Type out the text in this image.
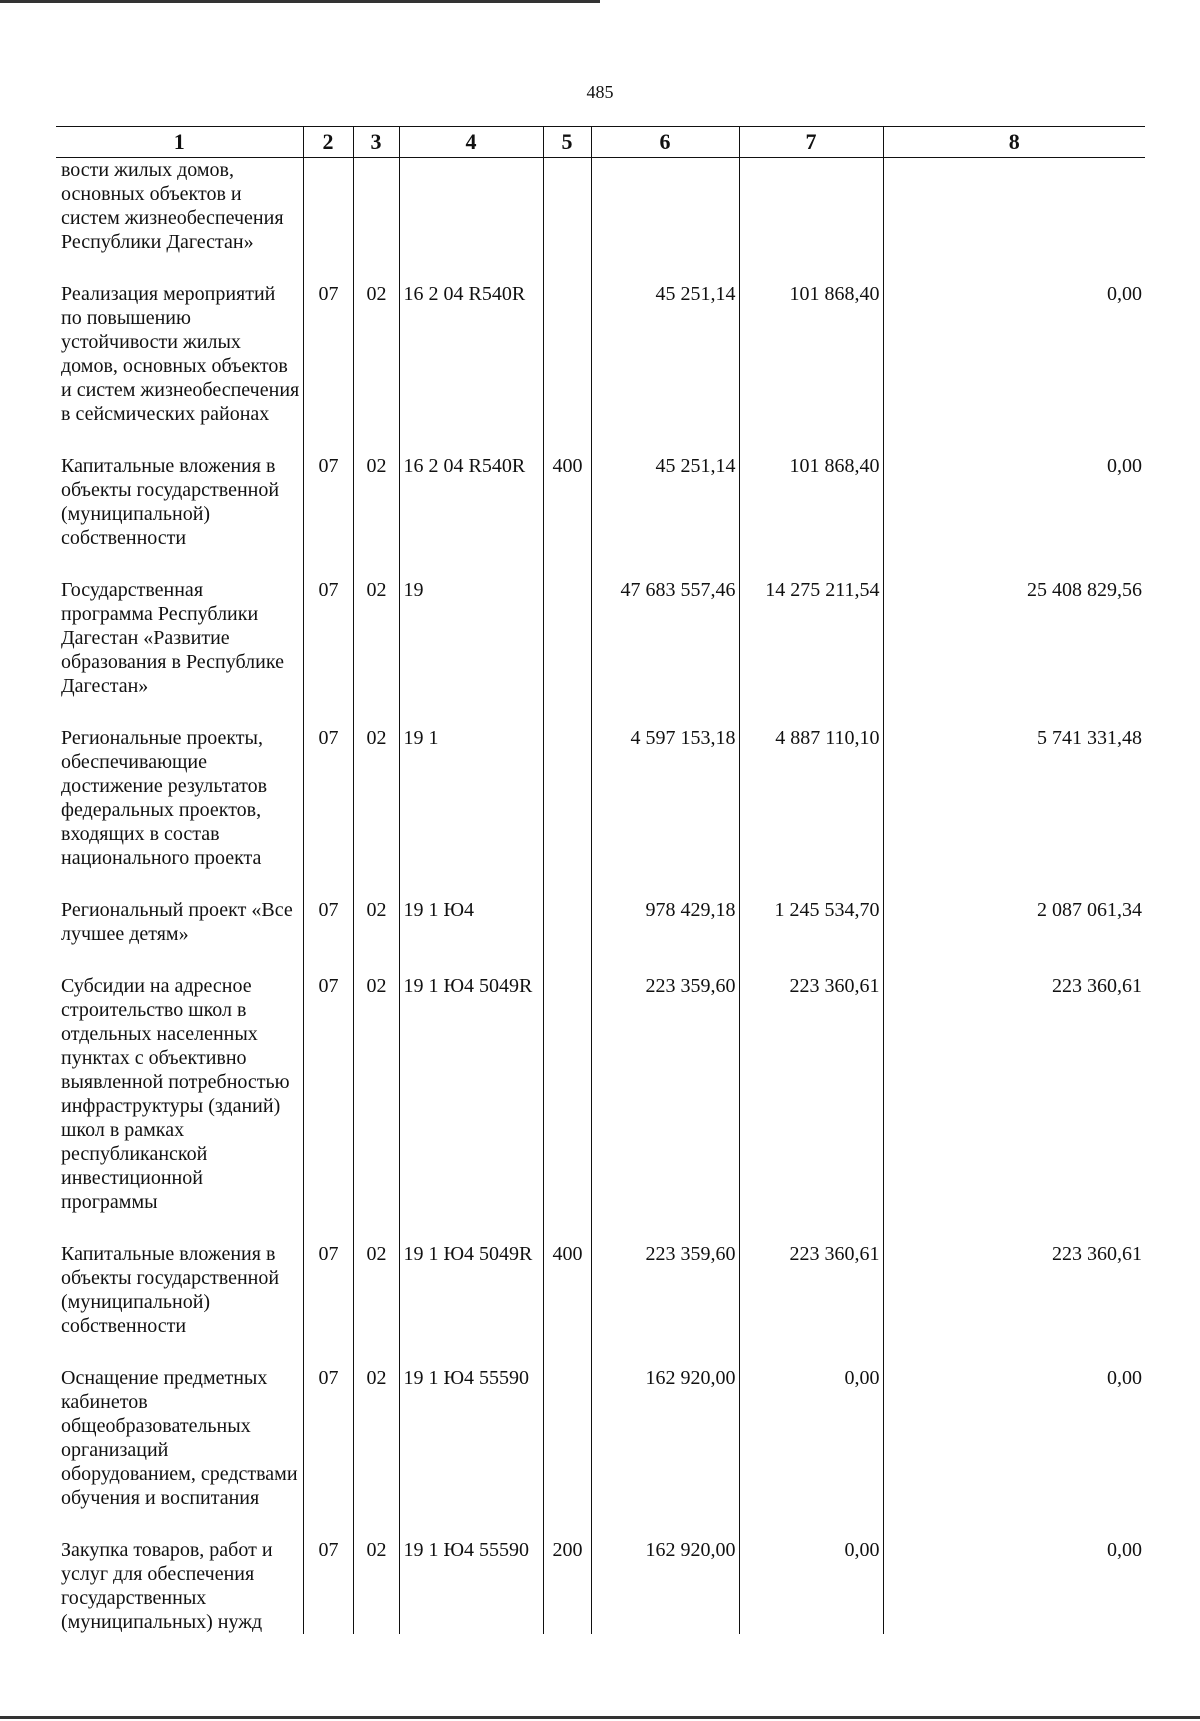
485
1	2	3	4	5	6	7	8
вости жилых домов, основных объектов и систем жизнеобеспечения Республики Дагестан»							

Реализация мероприятий по повышению устойчивости жилых домов, основных объектов и систем жизнеобеспечения в сейсмических районах	07	02	16 2 04 R540R		45 251,14	101 868,40	0,00

Капитальные вложения в объекты государственной (муниципальной) собственности	07	02	16 2 04 R540R	400	45 251,14	101 868,40	0,00

Государственная программа Республики Дагестан «Развитие образования в Республике Дагестан»	07	02	19		47 683 557,46	14 275 211,54	25 408 829,56

Региональные проекты, обеспечивающие достижение результатов федеральных проектов, входящих в состав национального проекта	07	02	19 1		4 597 153,18	4 887 110,10	5 741 331,48

Региональный проект «Все лучшее детям»	07	02	19 1 Ю4		978 429,18	1 245 534,70	2 087 061,34

Субсидии на адресное строительство школ в отдельных населенных пунктах с объективно выявленной потребностью инфраструктуры (зданий) школ в рамках республиканской инвестиционной программы	07	02	19 1 Ю4 5049R		223 359,60	223 360,61	223 360,61

Капитальные вложения в объекты государственной (муниципальной) собственности	07	02	19 1 Ю4 5049R	400	223 359,60	223 360,61	223 360,61

Оснащение предметных кабинетов общеобразовательных организаций оборудованием, средствами обучения и воспитания	07	02	19 1 Ю4 55590		162 920,00	0,00	0,00

Закупка товаров, работ и услуг для обеспечения государственных (муниципальных) нужд	07	02	19 1 Ю4 55590	200	162 920,00	0,00	0,00
